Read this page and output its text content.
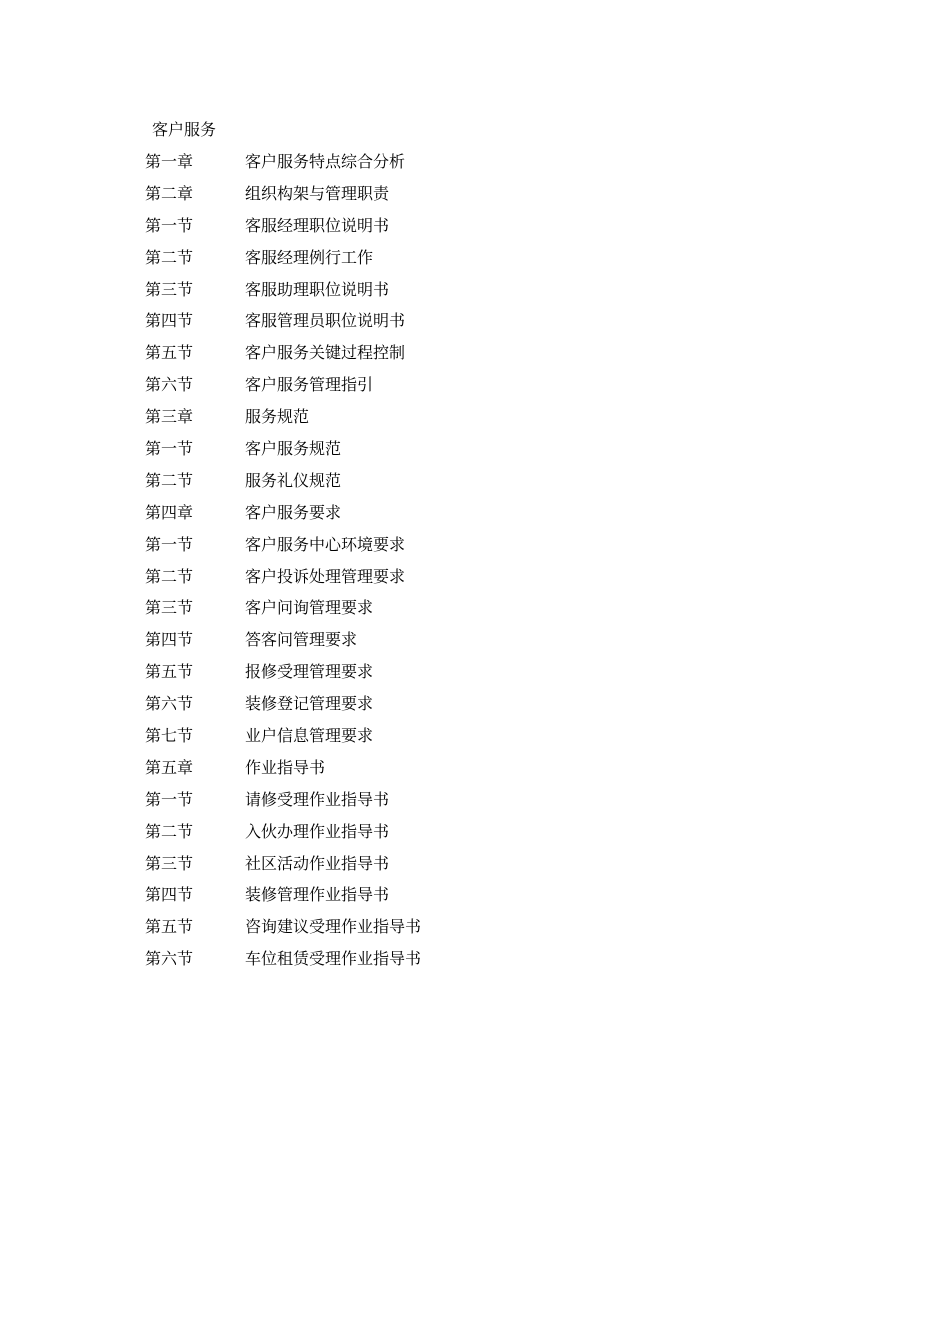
客户服务
第一章	客户服务特点综合分析
第二章	组织构架与管理职责
第一节	客服经理职位说明书
第二节	客服经理例行工作
第三节	客服助理职位说明书
第四节	客服管理员职位说明书
第五节	客户服务关键过程控制
第六节	客户服务管理指引
第三章	服务规范
第一节	客户服务规范
第二节	服务礼仪规范
第四章	客户服务要求
第一节	客户服务中心环境要求
第二节	客户投诉处理管理要求
第三节	客户问询管理要求
第四节	答客问管理要求
第五节	报修受理管理要求
第六节	装修登记管理要求
第七节	业户信息管理要求
第五章	作业指导书
第一节	请修受理作业指导书
第二节	入伙办理作业指导书
第三节	社区活动作业指导书
第四节	装修管理作业指导书
第五节	咨询建议受理作业指导书
第六节	车位租赁受理作业指导书
